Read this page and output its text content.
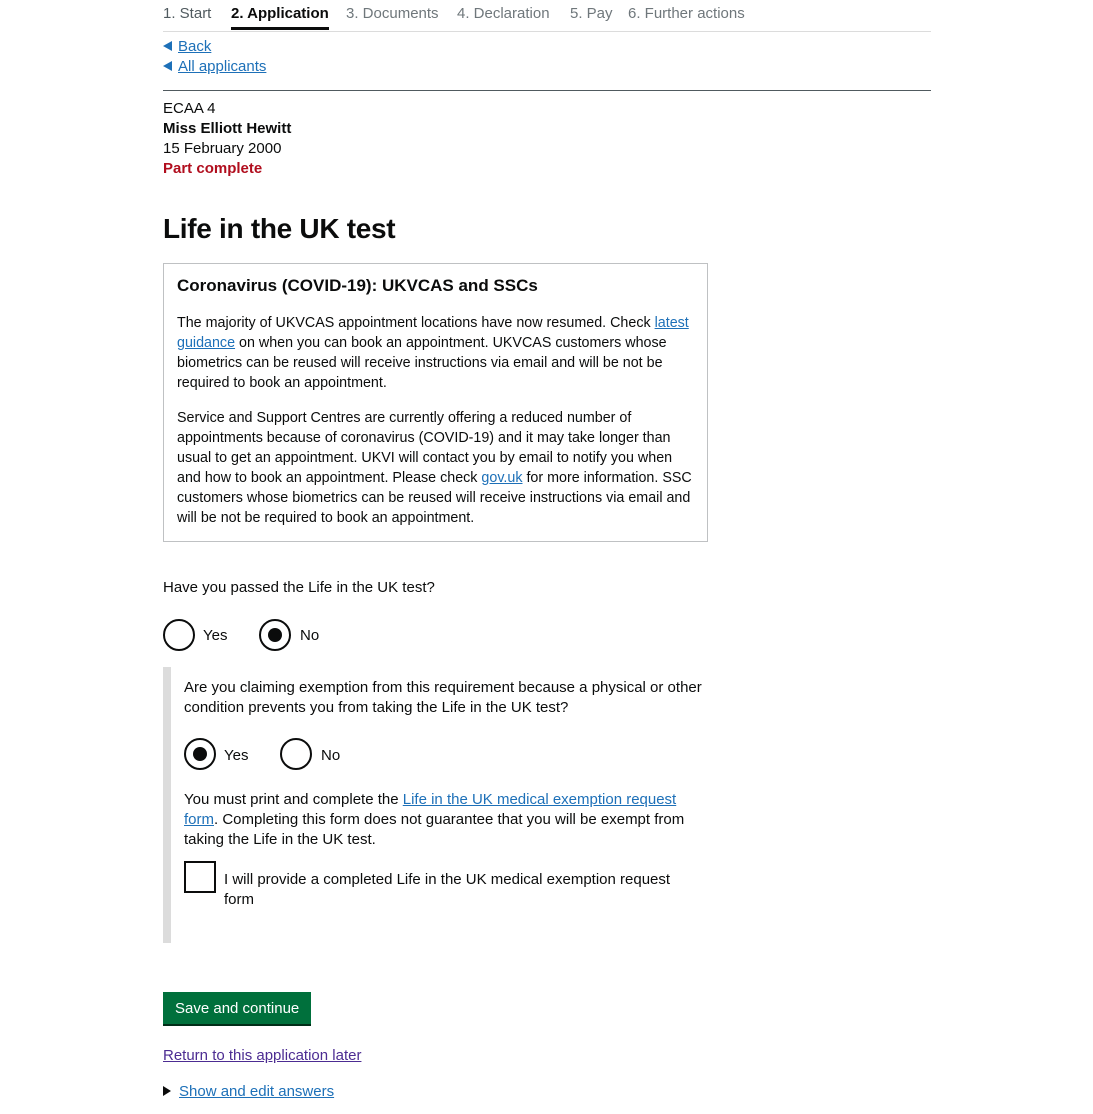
1. Start 2. Application 3. Documents 4. Declaration 5. Pay 6. Further actions
Back
All applicants
ECAA 4
Miss Elliott Hewitt
15 February 2000
Part complete
Life in the UK test
Coronavirus (COVID-19): UKVCAS and SSCs

The majority of UKVCAS appointment locations have now resumed. Check latest guidance on when you can book an appointment. UKVCAS customers whose biometrics can be reused will receive instructions via email and will be not be required to book an appointment.

Service and Support Centres are currently offering a reduced number of appointments because of coronavirus (COVID-19) and it may take longer than usual to get an appointment. UKVI will contact you by email to notify you when and how to book an appointment. Please check gov.uk for more information. SSC customers whose biometrics can be reused will receive instructions via email and will be not be required to book an appointment.

Have you passed the Life in the UK test?
Yes	No
Are you claiming exemption from this requirement because a physical or other condition prevents you from taking the Life in the UK test?
Yes	No
You must print and complete the Life in the UK medical exemption request form. Completing this form does not guarantee that you will be exempt from taking the Life in the UK test.
I will provide a completed Life in the UK medical exemption request form
Save and continue
Return to this application later
Show and edit answers
